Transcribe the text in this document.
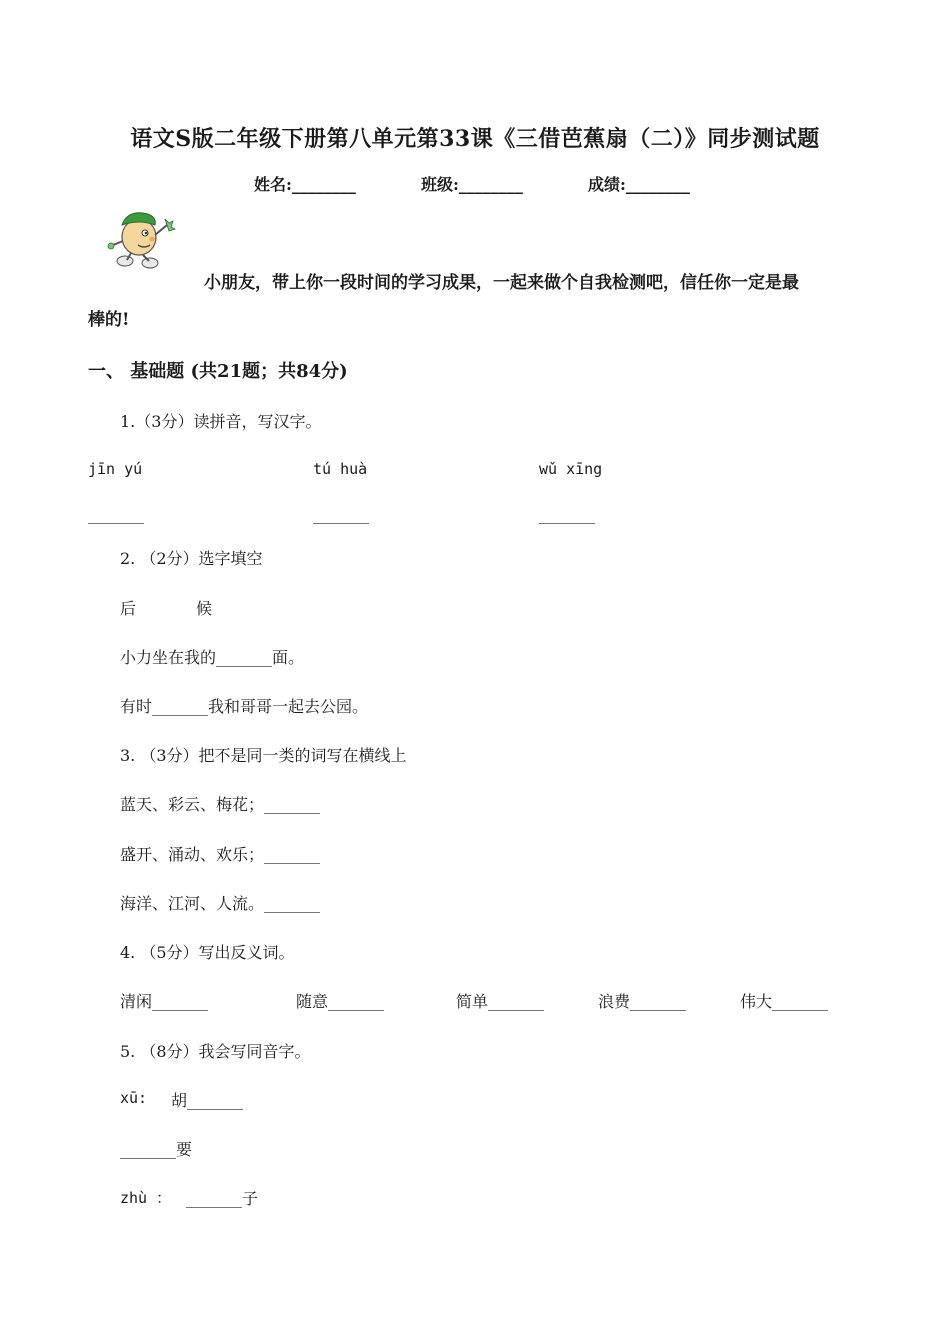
语文S版二年级下册第八单元第33课《三借芭蕉扇（二）》同步测试题
姓名:________	班级:________	成绩:________
小朋友，带上你一段时间的学习成果，一起来做个自我检测吧，信任你一定是最
棒的!
一、 基础题 (共21题；共84分)
1.（3分）读拼音，写汉字。
jīn yú	tú huà	wǔ xīng
_______	_______	_______
2. （2分）选字填空
后	候
小力坐在我的_______面。
有时_______我和哥哥一起去公园。
3. （3分）把不是同一类的词写在横线上
蓝天、彩云、梅花；_______
盛开、涌动、欢乐；_______
海洋、江河、人流。_______
4. （5分）写出反义词。
清闲_______	随意_______	简单_______	浪费_______	伟大_______
5. （8分）我会写同音字。
xū: 胡_______
_______要
zhù ： _______子
